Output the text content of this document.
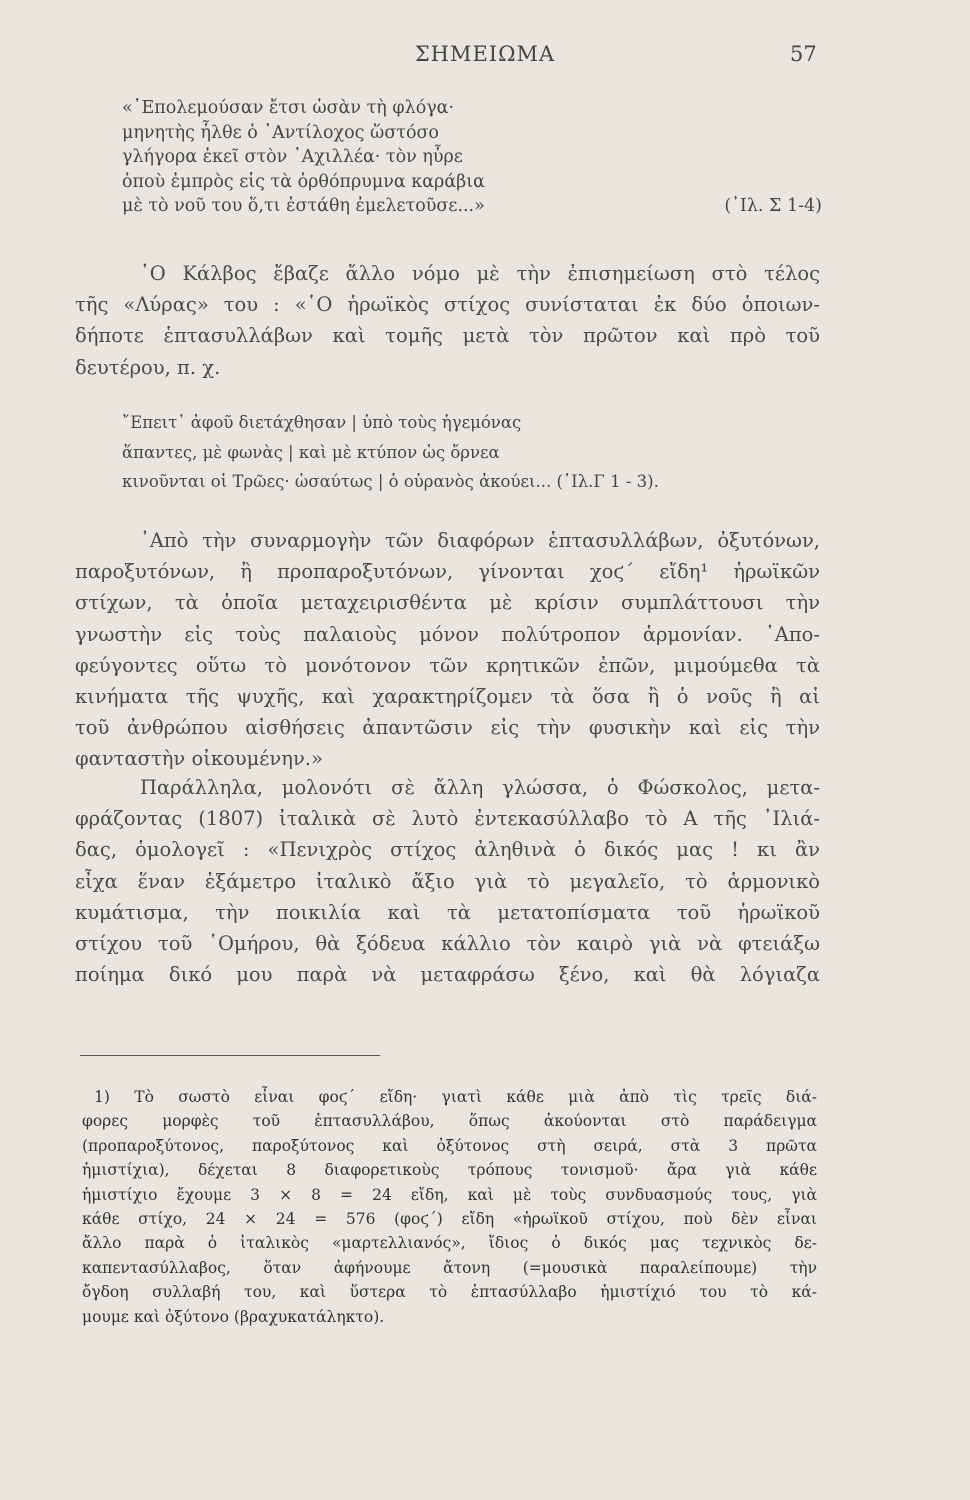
ΣΗΜΕΙΩΜΑ	57
«᾿Επολεμούσαν ἔτσι ὡσὰν τὴ φλόγα·
μηνητὴς ἦλθε ὁ ᾿Αντίλοχος ὥστόσο
γλήγορα ἐκεῖ στὸν ᾿Αχιλλέα· τὸν ηὗρε
ὁποὺ ἐμπρὸς εἰς τὰ ὀρθόπρυμνα καράβια
μὲ τὸ νοῦ του ὅ,τι ἐστάθη ἐμελετοῦσε...»	(᾿Ιλ. Σ 1-4)
῾Ο Κάλβος ἔβαζε ἄλλο νόμο μὲ τὴν ἐπισημείωση στὸ τέλος
τῆς «Λύρας» του : «῾Ο ἡρωϊκὸς στίχος συνίσταται ἐκ δύο ὁποιων-
δήποτε ἑπτασυλλάβων καὶ τομῆς μετὰ τὸν πρῶτον καὶ πρὸ τοῦ
δευτέρου, π. χ.
῎Επειτ᾿ ἀφοῦ διετάχθησαν | ὑπὸ τοὺς ἡγεμόνας
ἅπαντες, μὲ φωνὰς | καὶ μὲ κτύπον ὡς ὄρνεα
κινοῦνται οἱ Τρῶες· ὡσαύτως | ὁ οὐρανὸς ἀκούει... (᾿Ιλ.Γ 1 - 3).
᾿Απὸ τὴν συναρμογὴν τῶν διαφόρων ἑπτασυλλάβων, ὀξυτόνων,
παροξυτόνων, ἢ προπαροξυτόνων, γίνονται χοϛ´ εἴδη¹ ἡρωϊκῶν
στίχων, τὰ ὁποῖα μεταχειρισθέντα μὲ κρίσιν συμπλάττουσι τὴν
γνωστὴν εἰς τοὺς παλαιοὺς μόνον πολύτροπον ἁρμονίαν. ᾿Απο-
φεύγοντες οὕτω τὸ μονότονον τῶν κρητικῶν ἐπῶν, μιμούμεθα τὰ
κινήματα τῆς ψυχῆς, καὶ χαρακτηρίζομεν τὰ ὅσα ἢ ὁ νοῦς ἢ αἱ
τοῦ ἀνθρώπου αἰσθήσεις ἀπαντῶσιν εἰς τὴν φυσικὴν καὶ εἰς τὴν
φανταστὴν οἰκουμένην.»
Παράλληλα, μολονότι σὲ ἄλλη γλώσσα, ὁ Φώσκολος, μετα-
φράζοντας (1807) ἰταλικὰ σὲ λυτὸ ἐντεκασύλλαβο τὸ Α τῆς ᾿Ιλιά-
δας, ὁμολογεῖ : «Πενιχρὸς στίχος ἀληθινὰ ὁ δικός μας ! κι ἂν
εἶχα ἕναν ἑξάμετρο ἰταλικὸ ἄξιο γιὰ τὸ μεγαλεῖο, τὸ ἁρμονικὸ
κυμάτισμα, τὴν ποικιλία καὶ τὰ μετατοπίσματα τοῦ ἡρωϊκοῦ
στίχου τοῦ ῾Ομήρου, θὰ ξόδευα κάλλιο τὸν καιρὸ γιὰ νὰ φτειάξω
ποίημα δικό μου παρὰ νὰ μεταφράσω ξένο, καὶ θὰ λόγιαζα
1) Τὸ σωστὸ εἶναι φοϛ´ εἴδη· γιατὶ κάθε μιὰ ἀπὸ τὶς τρεῖς διά-
φορες μορφὲς τοῦ ἑπτασυλλάβου, ὅπως ἀκούονται στὸ παράδειγμα
(προπαροξύτονος, παροξύτονος καὶ ὀξύτονος στὴ σειρά, στὰ 3 πρῶτα
ἡμιστίχια), δέχεται 8 διαφορετικοὺς τρόπους τονισμοῦ· ἄρα γιὰ κάθε
ἡμιστίχιο ἔχουμε 3 × 8 = 24 εἴδη, καὶ μὲ τοὺς συνδυασμούς τους, γιὰ
κάθε στίχο, 24 × 24 = 576 (φοϛ´) εἴδη «ἡρωϊκοῦ στίχου, ποὺ δὲν εἶναι
ἄλλο παρὰ ὁ ἰταλικὸς «μαρτελλιανός», ἴδιος ὁ δικός μας τεχνικὸς δε-
καπεντασύλλαβος, ὅταν ἀφήνουμε ἄτονη (=μουσικὰ παραλείπουμε) τὴν
ὄγδοη συλλαβή του, καὶ ὕστερα τὸ ἑπτασύλλαβο ἡμιστίχιό του τὸ κά-
μουμε καὶ ὀξύτονο (βραχυκατάληκτο).
